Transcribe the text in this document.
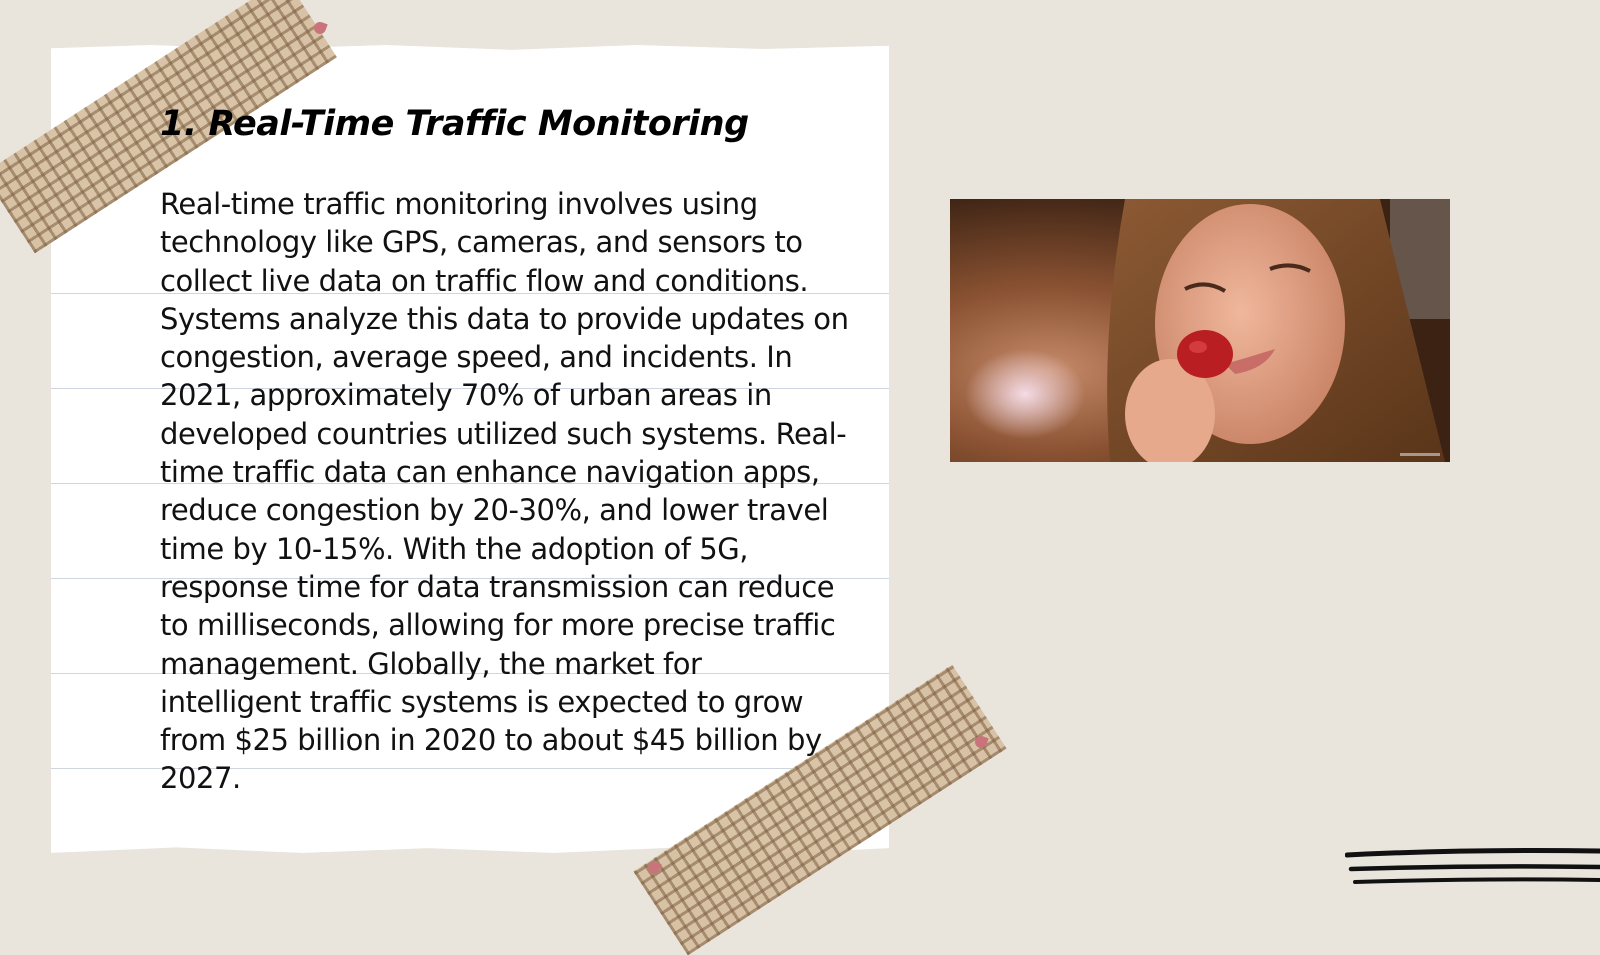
1. Real-Time Traffic Monitoring

Real-time traffic monitoring involves using technology like GPS, cameras, and sensors to collect live data on traffic flow and conditions. Systems analyze this data to provide updates on congestion, average speed, and incidents. In 2021, approximately 70% of urban areas in developed countries utilized such systems. Real-time traffic data can enhance navigation apps, reduce congestion by 20-30%, and lower travel time by 10-15%. With the adoption of 5G, response time for data transmission can reduce to milliseconds, allowing for more precise traffic management. Globally, the market for intelligent traffic systems is expected to grow from $25 billion in 2020 to about $45 billion by 2027.
